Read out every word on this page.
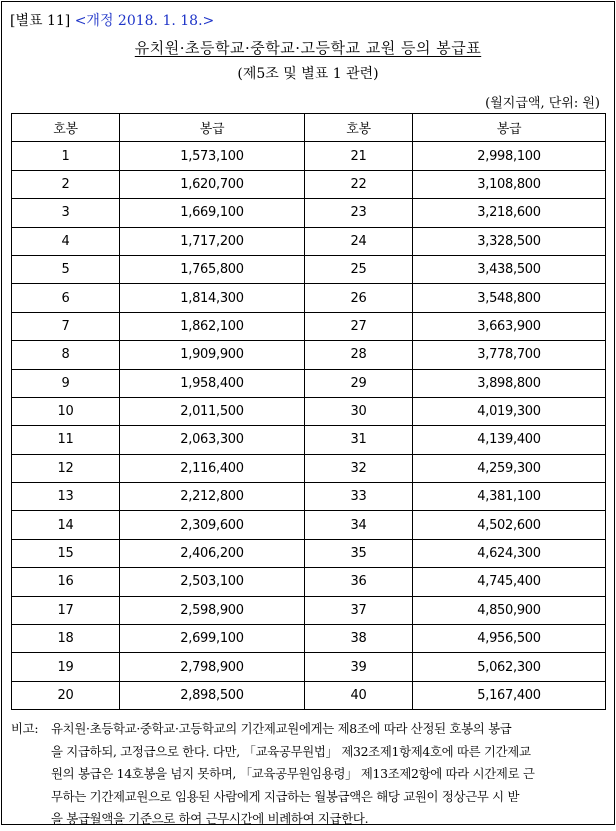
[별표 11] <개정 2018. 1. 18.>
유치원·초등학교·중학교·고등학교 교원 등의 봉급표
(제5조 및 별표 1 관련)
(월지급액, 단위: 원)
호봉	봉급	호봉	봉급
1	1,573,100	21	2,998,100
2	1,620,700	22	3,108,800
3	1,669,100	23	3,218,600
4	1,717,200	24	3,328,500
5	1,765,800	25	3,438,500
6	1,814,300	26	3,548,800
7	1,862,100	27	3,663,900
8	1,909,900	28	3,778,700
9	1,958,400	29	3,898,800
10	2,011,500	30	4,019,300
11	2,063,300	31	4,139,400
12	2,116,400	32	4,259,300
13	2,212,800	33	4,381,100
14	2,309,600	34	4,502,600
15	2,406,200	35	4,624,300
16	2,503,100	36	4,745,400
17	2,598,900	37	4,850,900
18	2,699,100	38	4,956,500
19	2,798,900	39	5,062,300
20	2,898,500	40	5,167,400
비고: 유치원·초등학교·중학교·고등학교의 기간제교원에게는 제8조에 따라 산정된 호봉의 봉급
을 지급하되, 고정급으로 한다. 다만, 「교육공무원법」 제32조제1항제4호에 따른 기간제교
원의 봉급은 14호봉을 넘지 못하며, 「교육공무원임용령」 제13조제2항에 따라 시간제로 근
무하는 기간제교원으로 임용된 사람에게 지급하는 월봉급액은 해당 교원이 정상근무 시 받
을 봉급월액을 기준으로 하여 근무시간에 비례하여 지급한다.
